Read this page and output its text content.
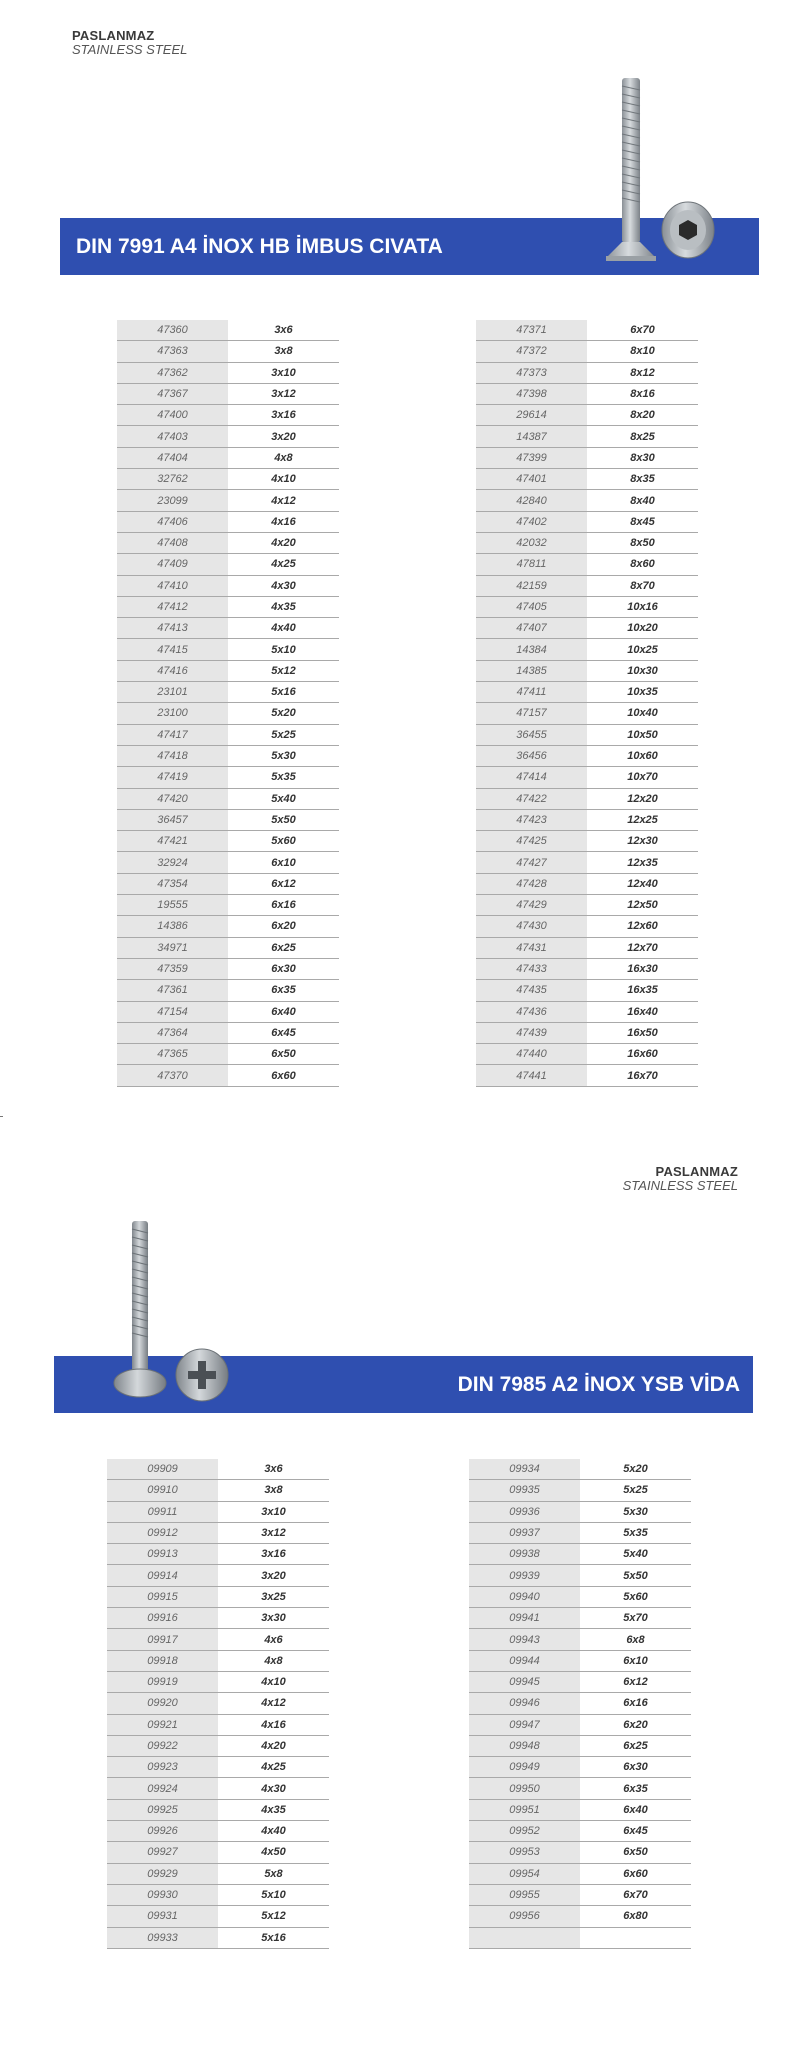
PASLANMAZ
STAINLESS STEEL
DIN 7991 A4 İNOX HB İMBUS CIVATA
47360	3x6
47363	3x8
47362	3x10
47367	3x12
47400	3x16
47403	3x20
47404	4x8
32762	4x10
23099	4x12
47406	4x16
47408	4x20
47409	4x25
47410	4x30
47412	4x35
47413	4x40
47415	5x10
47416	5x12
23101	5x16
23100	5x20
47417	5x25
47418	5x30
47419	5x35
47420	5x40
36457	5x50
47421	5x60
32924	6x10
47354	6x12
19555	6x16
14386	6x20
34971	6x25
47359	6x30
47361	6x35
47154	6x40
47364	6x45
47365	6x50
47370	6x60
47371	6x70
47372	8x10
47373	8x12
47398	8x16
29614	8x20
14387	8x25
47399	8x30
47401	8x35
42840	8x40
47402	8x45
42032	8x50
47811	8x60
42159	8x70
47405	10x16
47407	10x20
14384	10x25
14385	10x30
47411	10x35
47157	10x40
36455	10x50
36456	10x60
47414	10x70
47422	12x20
47423	12x25
47425	12x30
47427	12x35
47428	12x40
47429	12x50
47430	12x60
47431	12x70
47433	16x30
47435	16x35
47436	16x40
47439	16x50
47440	16x60
47441	16x70
PASLANMAZ
STAINLESS STEEL
DIN 7985 A2 İNOX YSB VİDA
09909	3x6
09910	3x8
09911	3x10
09912	3x12
09913	3x16
09914	3x20
09915	3x25
09916	3x30
09917	4x6
09918	4x8
09919	4x10
09920	4x12
09921	4x16
09922	4x20
09923	4x25
09924	4x30
09925	4x35
09926	4x40
09927	4x50
09929	5x8
09930	5x10
09931	5x12
09933	5x16
09934	5x20
09935	5x25
09936	5x30
09937	5x35
09938	5x40
09939	5x50
09940	5x60
09941	5x70
09943	6x8
09944	6x10
09945	6x12
09946	6x16
09947	6x20
09948	6x25
09949	6x30
09950	6x35
09951	6x40
09952	6x45
09953	6x50
09954	6x60
09955	6x70
09956	6x80
